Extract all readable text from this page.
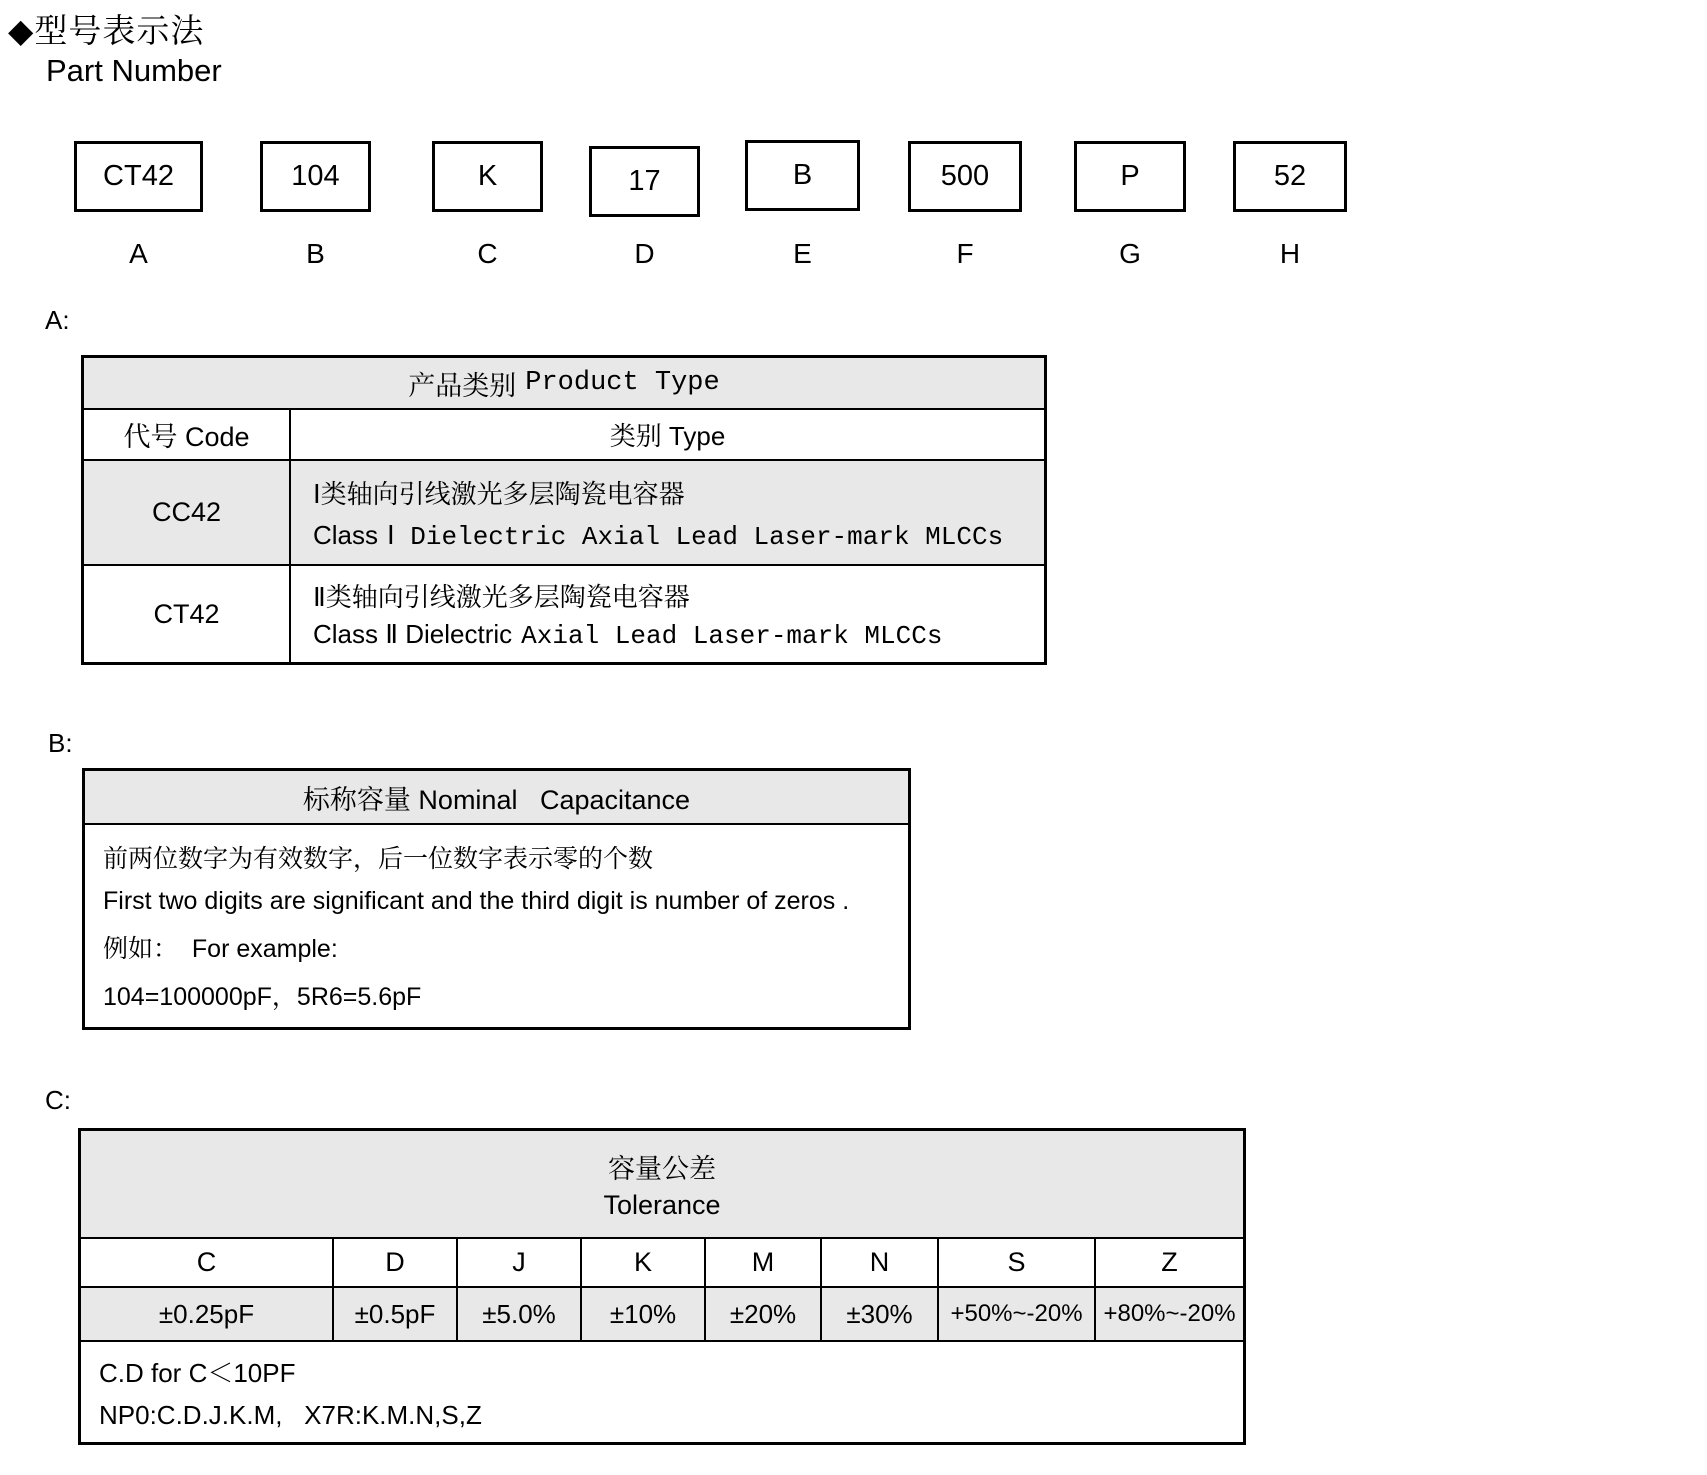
◆型号表示法
Part Number
CT42	104	K	17	B	500	P	52
A	B	C	D	E	F	G	H
A:
产品类别 Product Type
代号 Code	类别 Type
CC42
Ⅰ类轴向引线激光多层陶瓷电容器
Class Ⅰ Dielectric Axial Lead Laser-mark MLCCs
CT42
Ⅱ类轴向引线激光多层陶瓷电容器
Class Ⅱ Dielectric Axial Lead Laser-mark MLCCs
B:
标称容量 Nominal   Capacitance
前两位数字为有效数字，后一位数字表示零的个数
First two digits are significant and the third digit is number of zeros .
例如：  For example:
104=100000pF，5R6=5.6pF
C:
容量公差
Tolerance
C	D	J	K	M	N	S	Z
±0.25pF	±0.5pF	±5.0%	±10%	±20%	±30%	+50%~-20% +80%~-20%
C.D for C＜10PF
NP0:C.D.J.K.M,   X7R:K.M.N,S,Z
